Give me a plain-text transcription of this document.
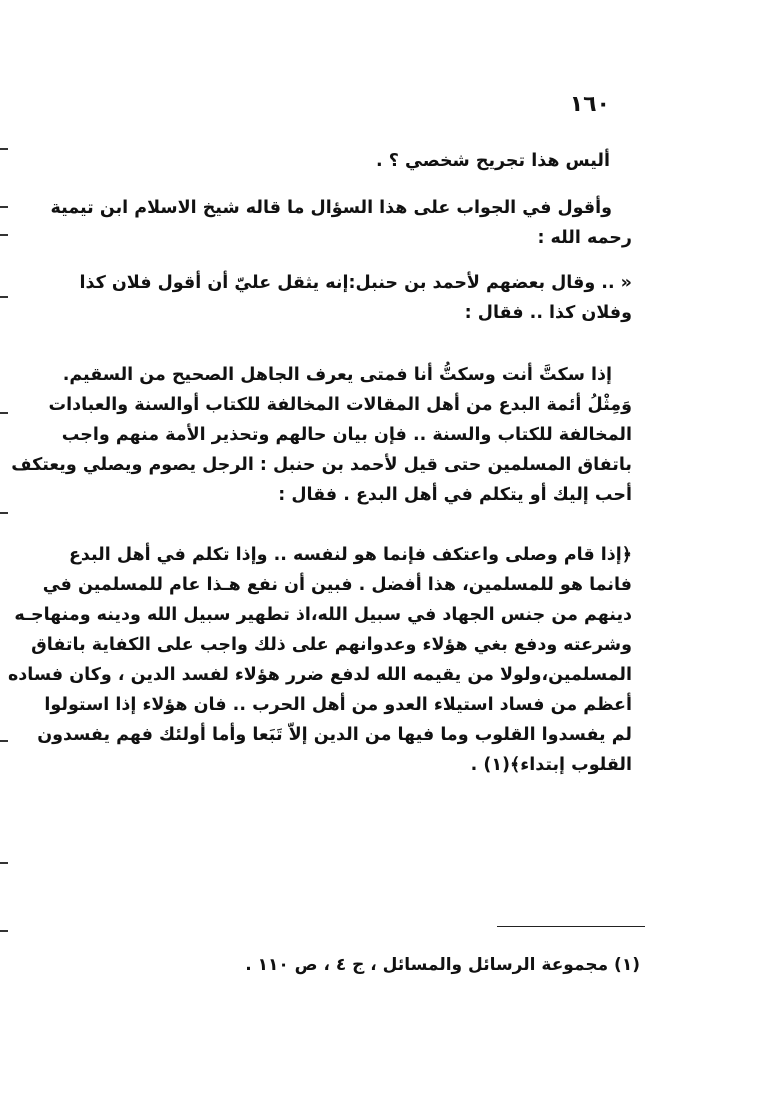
١٦٠
أليس هذا تجريح شخصي ؟ .
وأقول في الجواب على هذا السؤال ما قاله شيخ الاسلام ابن تيمية
رحمه الله :
« .. وقال بعضهم لأحمد بن حنبل:إنه يثقل عليّ أن أقول فلان كذا
وفلان كذا .. فقال :
إذا سكتَّ أنت وسكتُّ أنا فمتى يعرف الجاهل الصحيح من السقيم.
وَمِثْلُ أئمة البدع من أهل المقالات المخالفة للكتاب أوالسنة والعبادات
المخالفة للكتاب والسنة .. فإن بيان حالهم وتحذير الأمة منهم واجب
باتفاق المسلمين حتى قيل لأحمد بن حنبل : الرجل يصوم ويصلي ويعتكف
أحب إليك أو يتكلم في أهل البدع . فقال :
﴿إذا قام وصلى واعتكف فإنما هو لنفسه .. وإذا تكلم في أهل البدع
فانما هو للمسلمين، هذا أفضل . فبين أن نفع هـذا عام للمسلمين في
دينهم من جنس الجهاد في سبيل الله،اذ تطهير سبيل الله ودينه ومنهاجـه
وشرعته ودفع بغي هؤلاء وعدوانهم على ذلك واجب على الكفاية باتفاق
المسلمين،ولولا من يقيمه الله لدفع ضرر هؤلاء لفسد الدين ، وكان فساده
أعظم من فساد استيلاء العدو من أهل الحرب .. فان هؤلاء إذا استولوا
لم يفسدوا القلوب وما فيها من الدين إلاّ تَبَعا وأما أولئك فهم يفسدون
القلوب إبتداء﴾(١) .
(١) مجموعة الرسائل والمسائل ، ج ٤ ، ص ١١٠ .
